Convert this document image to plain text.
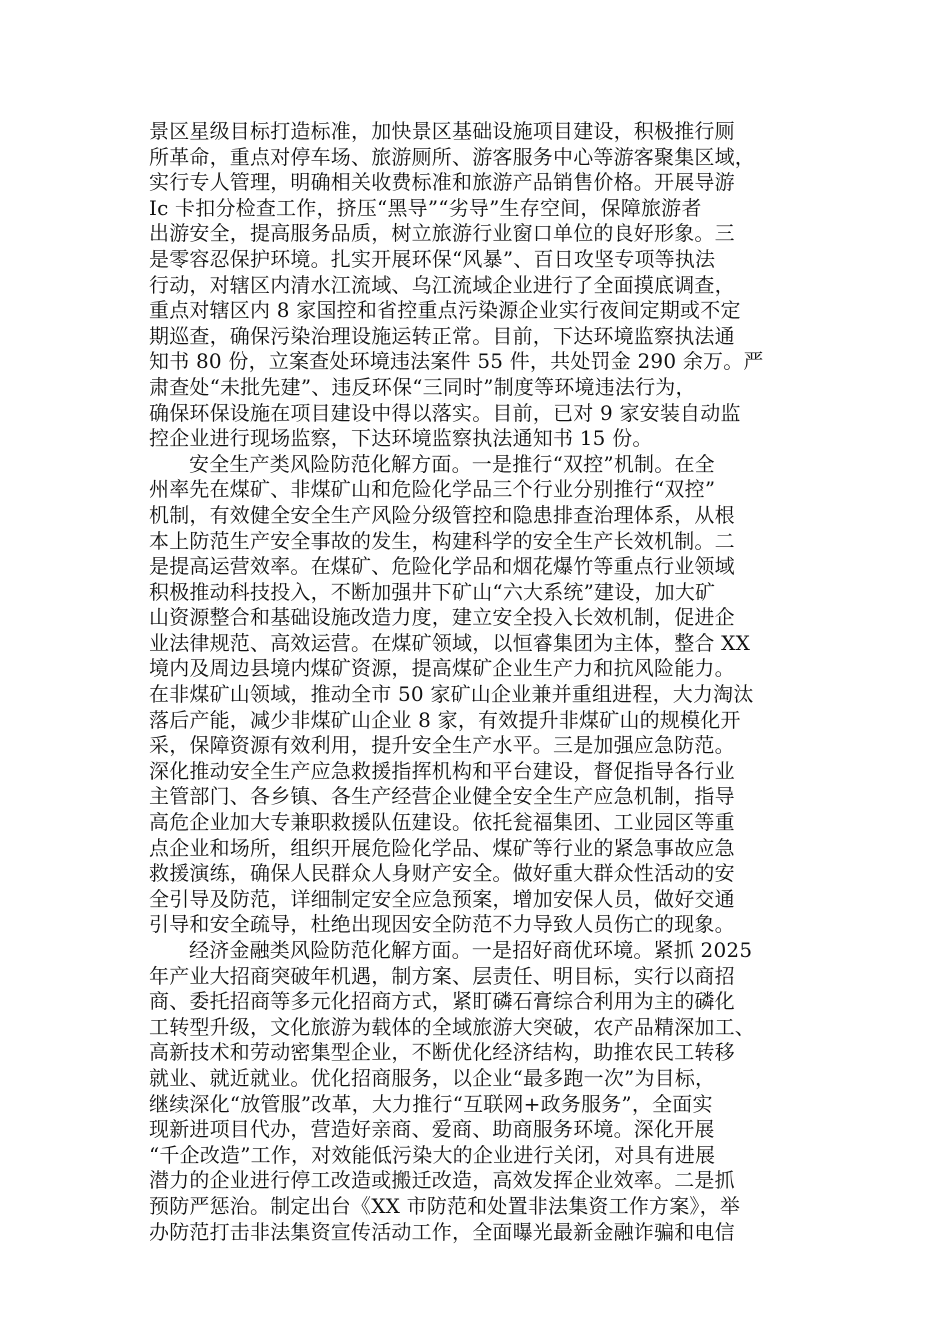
景区星级目标打造标准，加快景区基础设施项目建设，积极推行厕
所革命，重点对停车场、旅游厕所、游客服务中心等游客聚集区域，
实行专人管理，明确相关收费标准和旅游产品销售价格。开展导游
Ic 卡扣分检查工作，挤压“黑导”“劣导”生存空间，保障旅游者
出游安全，提高服务品质，树立旅游行业窗口单位的良好形象。三
是零容忍保护环境。扎实开展环保“风暴”、百日攻坚专项等执法
行动，对辖区内清水江流域、乌江流域企业进行了全面摸底调查，
重点对辖区内 8 家国控和省控重点污染源企业实行夜间定期或不定
期巡查，确保污染治理设施运转正常。目前，下达环境监察执法通
知书 80 份，立案查处环境违法案件 55 件，共处罚金 290 余万。严
肃查处“未批先建”、违反环保“三同时”制度等环境违法行为，
确保环保设施在项目建设中得以落实。目前，已对 9 家安装自动监
控企业进行现场监察，下达环境监察执法通知书 15 份。
安全生产类风险防范化解方面。一是推行“双控”机制。在全
州率先在煤矿、非煤矿山和危险化学品三个行业分别推行“双控”
机制，有效健全安全生产风险分级管控和隐患排查治理体系，从根
本上防范生产安全事故的发生，构建科学的安全生产长效机制。二
是提高运营效率。在煤矿、危险化学品和烟花爆竹等重点行业领域
积极推动科技投入，不断加强井下矿山“六大系统”建设，加大矿
山资源整合和基础设施改造力度，建立安全投入长效机制，促进企
业法律规范、高效运营。在煤矿领域，以恒睿集团为主体，整合 XX
境内及周边县境内煤矿资源，提高煤矿企业生产力和抗风险能力。
在非煤矿山领域，推动全市 50 家矿山企业兼并重组进程，大力淘汰
落后产能，减少非煤矿山企业 8 家，有效提升非煤矿山的规模化开
采，保障资源有效利用，提升安全生产水平。三是加强应急防范。
深化推动安全生产应急救援指挥机构和平台建设，督促指导各行业
主管部门、各乡镇、各生产经营企业健全安全生产应急机制，指导
高危企业加大专兼职救援队伍建设。依托瓮福集团、工业园区等重
点企业和场所，组织开展危险化学品、煤矿等行业的紧急事故应急
救援演练，确保人民群众人身财产安全。做好重大群众性活动的安
全引导及防范，详细制定安全应急预案，增加安保人员，做好交通
引导和安全疏导，杜绝出现因安全防范不力导致人员伤亡的现象。
经济金融类风险防范化解方面。一是招好商优环境。紧抓 2025
年产业大招商突破年机遇，制方案、层责任、明目标，实行以商招
商、委托招商等多元化招商方式，紧盯磷石膏综合利用为主的磷化
工转型升级，文化旅游为载体的全域旅游大突破，农产品精深加工、
高新技术和劳动密集型企业，不断优化经济结构，助推农民工转移
就业、就近就业。优化招商服务，以企业“最多跑一次”为目标，
继续深化“放管服”改革，大力推行“互联网+政务服务”，全面实
现新进项目代办，营造好亲商、爱商、助商服务环境。深化开展
“千企改造”工作，对效能低污染大的企业进行关闭，对具有进展
潜力的企业进行停工改造或搬迁改造，高效发挥企业效率。二是抓
预防严惩治。制定出台《XX 市防范和处置非法集资工作方案》，举
办防范打击非法集资宣传活动工作，全面曝光最新金融诈骗和电信
